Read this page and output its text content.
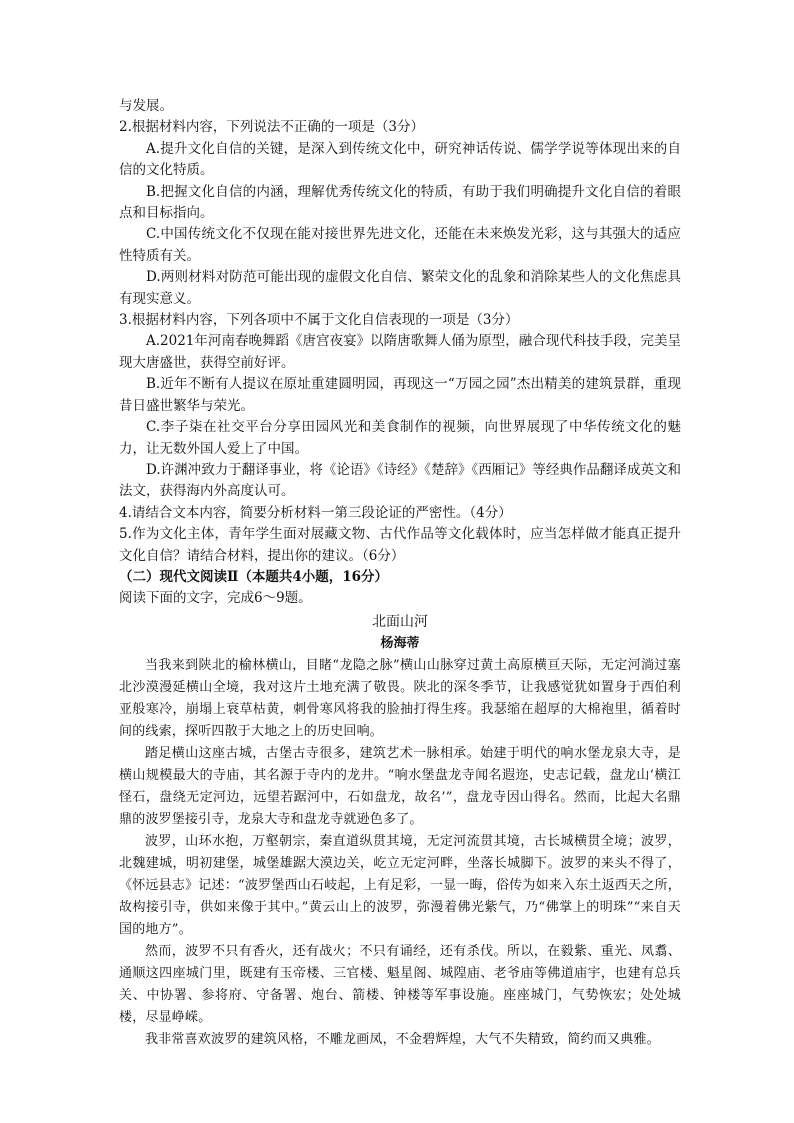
与发展。

2.根据材料内容，下列说法不正确的一项是（3分）

A.提升文化自信的关键，是深入到传统文化中，研究神话传说、儒学学说等体现出来的自信的文化特质。

B.把握文化自信的内涵，理解优秀传统文化的特质，有助于我们明确提升文化自信的着眼点和目标指向。

C.中国传统文化不仅现在能对接世界先进文化，还能在未来焕发光彩，这与其强大的适应性特质有关。

D.两则材料对防范可能出现的虚假文化自信、繁荣文化的乱象和消除某些人的文化焦虑具有现实意义。

3.根据材料内容，下列各项中不属于文化自信表现的一项是（3分）

A.2021年河南春晚舞蹈《唐宫夜宴》以隋唐歌舞人俑为原型，融合现代科技手段，完美呈现大唐盛世，获得空前好评。

B.近年不断有人提议在原址重建圆明园，再现这一“万园之园”杰出精美的建筑景群，重现昔日盛世繁华与荣光。

C.李子柒在社交平台分享田园风光和美食制作的视频，向世界展现了中华传统文化的魅力，让无数外国人爱上了中国。

D.许渊冲致力于翻译事业，将《论语》《诗经》《楚辞》《西厢记》等经典作品翻译成英文和法文，获得海内外高度认可。

4.请结合文本内容，简要分析材料一第三段论证的严密性。（4分）

5.作为文化主体，青年学生面对展藏文物、古代作品等文化载体时，应当怎样做才能真正提升文化自信？请结合材料，提出你的建议。（6分）

（二）现代文阅读Ⅱ（本题共4小题，16分）

阅读下面的文字，完成6～9题。

北面山河

杨海蒂

当我来到陕北的榆林横山，目睹“龙隐之脉”横山山脉穿过黄土高原横亘天际，无定河淌过塞北沙漠漫延横山全境，我对这片土地充满了敬畏。陕北的深冬季节，让我感觉犹如置身于西伯利亚般寒冷，崩塌上衰草枯黄，刺骨寒风将我的脸抽打得生疼。我瑟缩在超厚的大棉袍里，循着时间的线索，探听四散于大地之上的历史回响。

踏足横山这座古城，古堡古寺很多，建筑艺术一脉相承。始建于明代的响水堡龙泉大寺，是横山规模最大的寺庙，其名源于寺内的龙井。“响水堡盘龙寺闻名遐迩，史志记载，盘龙山‘横江怪石，盘绕无定河边，远望若踞河中，石如盘龙，故名’”，盘龙寺因山得名。然而，比起大名鼎鼎的波罗堡接引寺，龙泉大寺和盘龙寺就逊色多了。

波罗，山环水抱，万壑朝宗，秦直道纵贯其境，无定河流贯其境，古长城横贯全境；波罗，北魏建城，明初建堡，城堡雄踞大漠边关，屹立无定河畔，坐落长城脚下。波罗的来头不得了，《怀远县志》记述：“波罗堡西山石岐起，上有足彩，一显一晦，俗传为如来入东土返西天之所，故构接引寺，供如来像于其中。”黄云山上的波罗，弥漫着佛光紫气，乃“佛掌上的明珠”“来自天国的地方”。

然而，波罗不只有香火，还有战火；不只有诵经，还有杀伐。所以，在毅紫、重光、凤翥、通顺这四座城门里，既建有玉帝楼、三官楼、魁星阁、城隍庙、老爷庙等佛道庙宇，也建有总兵关、中协署、参将府、守备署、炮台、箭楼、钟楼等军事设施。座座城门，气势恢宏；处处城楼，尽显峥嵘。

我非常喜欢波罗的建筑风格，不雕龙画凤，不金碧辉煌，大气不失精致，简约而又典雅。
